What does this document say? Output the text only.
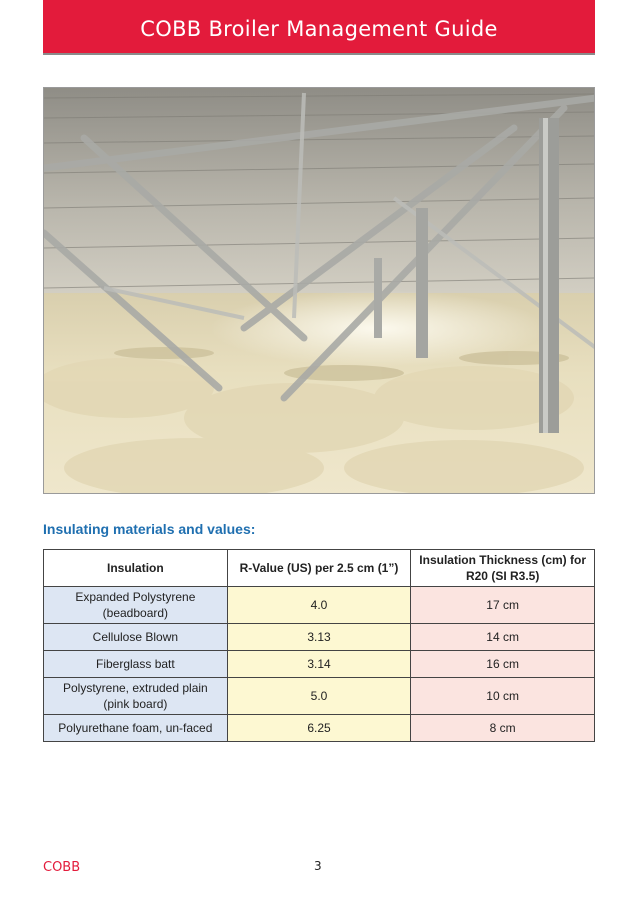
COBB Broiler Management Guide
Insulating materials and values:
Insulation	R-Value (US) per 2.5 cm (1”)	Insulation Thickness (cm) for R20 (SI R3.5)
Expanded Polystyrene (beadboard)	4.0	17 cm
Cellulose Blown	3.13	14 cm
Fiberglass batt	3.14	16 cm
Polystyrene, extruded plain (pink board)	5.0	10 cm
Polyurethane foam, un-faced	6.25	8 cm
COBB	3
